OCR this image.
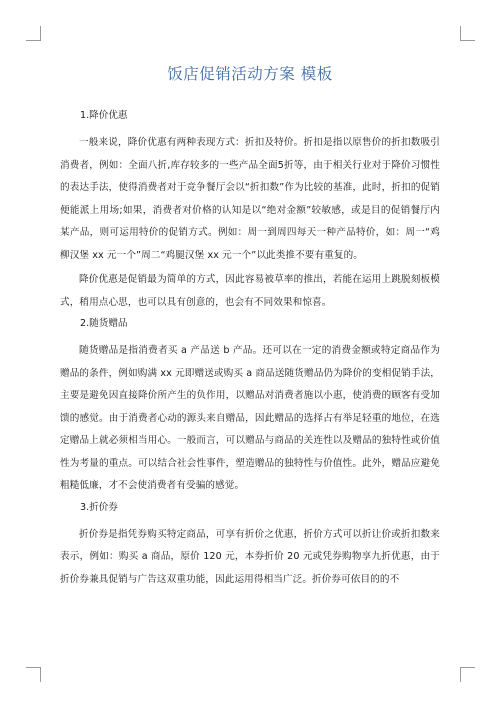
饭店促销活动方案 模板
1.降价优惠

一般来说，降价优惠有两种表现方式：折扣及特价。折扣是指以原售价的折扣数吸引消费者，例如：全面八折,库存较多的一些产品全面5折等，由于相关行业对于降价习惯性的表达手法，使得消费者对于竞争餐厅会以“折扣数”作为比较的基准，此时，折扣的促销便能派上用场;如果，消费者对价格的认知是以“绝对金额”较敏感，或是目的促销餐厅内某产品，则可运用特价的促销方式。例如：周一到周四每天一种产品特价，如：周一“鸡柳汉堡 xx 元一个”周二“鸡腿汉堡 xx 元一个”以此类推不要有重复的。

降价优惠是促销最为简单的方式，因此容易被草率的推出，若能在运用上跳脱刻板模式，稍用点心思，也可以具有创意的，也会有不同效果和惊喜。

2.随货赠品

随货赠品是指消费者买 a 产品送 b 产品。还可以在一定的消费金额或特定商品作为赠品的条件，例如购满 xx 元即赠送或购买 a 商品送随货赠品仍为降价的变相促销手法，主要是避免因直接降价所产生的负作用，以赠品对消费者施以小惠，使消费的顾客有受加馈的感觉。由于消费者心动的源头来自赠品，因此赠品的选择占有举足轻重的地位，在选定赠品上就必须相当用心。一般而言，可以赠品与商品的关连性以及赠品的独特性或价值性为考量的重点。可以结合社会性事件，塑造赠品的独特性与价值性。此外，赠品应避免粗糙低廉，才不会使消费者有受骗的感觉。

3.折价券

折价券是指凭券购买特定商品，可享有折价之优惠，折价方式可以折让价或折扣数来表示，例如：购买 a 商品，原价 120 元，本券折价 20 元或凭券购物享九折优惠，由于折价券兼具促销与广告这双重功能，因此运用得相当广泛。折价券可依目的的不
